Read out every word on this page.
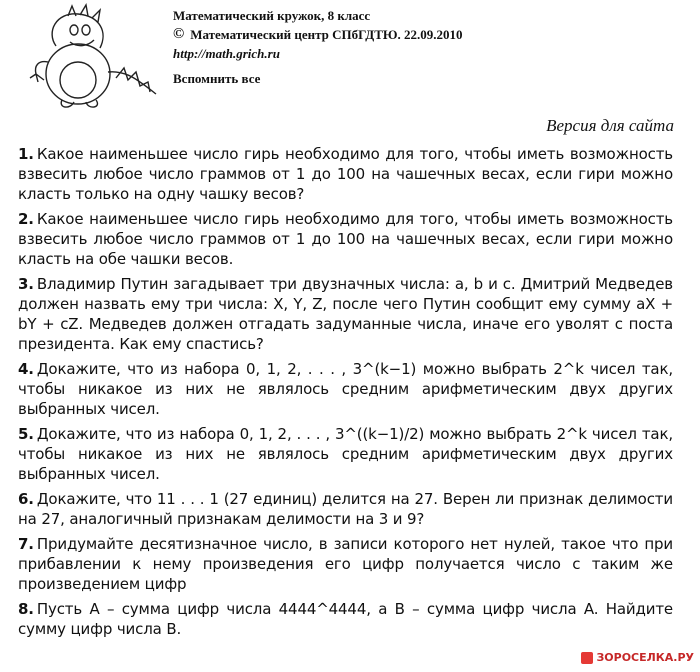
Математический кружок, 8 класс
© Математический центр СПбГДТЮ. 22.09.2010
http://math.grich.ru
Вспомнить все
Версия для сайта

1. Какое наименьшее число гирь необходимо для того, чтобы иметь возможность взвесить любое число граммов от 1 до 100 на чашечных весах, если гири можно класть только на одну чашку весов?

2. Какое наименьшее число гирь необходимо для того, чтобы иметь возможность взвесить любое число граммов от 1 до 100 на чашечных весах, если гири можно класть на обе чашки весов.

3. Владимир Путин загадывает три двузначных числа: a, b и c. Дмитрий Медведев должен назвать ему три числа: X, Y, Z, после чего Путин сообщит ему сумму aX + bY + cZ. Медведев должен отгадать задуманные числа, иначе его уволят с поста президента. Как ему спастись?

4. Докажите, что из набора 0, 1, 2, . . . , 3^(k−1) можно выбрать 2^k чисел так, чтобы никакое из них не являлось средним арифметическим двух других выбранных чисел.

5. Докажите, что из набора 0, 1, 2, . . . , 3^((k−1)/2) можно выбрать 2^k чисел так, чтобы никакое из них не являлось средним арифметическим двух других выбранных чисел.

6. Докажите, что 11 . . . 1 (27 единиц) делится на 27. Верен ли признак делимости на 27, аналогичный признакам делимости на 3 и 9?

7. Придумайте десятизначное число, в записи которого нет нулей, такое что при прибавлении к нему произведения его цифр получается число с таким же произведением цифр

8. Пусть A – сумма цифр числа 4444^4444, а B – сумма цифр числа A. Найдите сумму цифр числа B.

ЗОРОСЕЛКА.РУ
